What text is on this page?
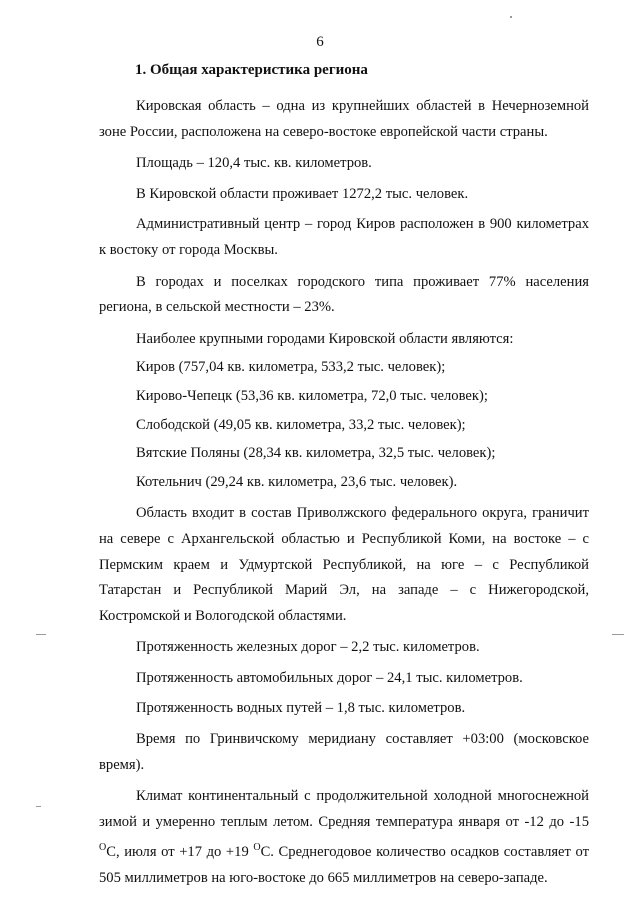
6
1. Общая характеристика региона

Кировская область – одна из крупнейших областей в Нечерноземной зоне России, расположена на северо-востоке европейской части страны.

Площадь – 120,4 тыс. кв. километров.

В Кировской области проживает 1272,2 тыс. человек.

Административный центр – город Киров расположен в 900 километрах к востоку от города Москвы.

В городах и поселках городского типа проживает 77% населения региона, в сельской местности – 23%.

Наиболее крупными городами Кировской области являются:

Киров (757,04 кв. километра, 533,2 тыс. человек);

Кирово-Чепецк (53,36 кв. километра, 72,0 тыс. человек);

Слободской (49,05 кв. километра, 33,2 тыс. человек);

Вятские Поляны (28,34 кв. километра, 32,5 тыс. человек);

Котельнич (29,24 кв. километра, 23,6 тыс. человек).

Область входит в состав Приволжского федерального округа, граничит на севере с Архангельской областью и Республикой Коми, на востоке – с Пермским краем и Удмуртской Республикой, на юге – с Республикой Татарстан и Республикой Марий Эл, на западе – с Нижегородской, Костромской и Вологодской областями.

Протяженность железных дорог – 2,2 тыс. километров.

Протяженность автомобильных дорог – 24,1 тыс. километров.

Протяженность водных путей – 1,8 тыс. километров.

Время по Гринвичскому меридиану составляет +03:00 (московское время).

Климат континентальный с продолжительной холодной многоснежной зимой и умеренно теплым летом. Средняя температура января от -12 до -15 $^O$С, июля от +17 до +19 $^O$С. Среднегодовое количество осадков составляет от 505 миллиметров на юго-востоке до 665 миллиметров на северо-западе.
